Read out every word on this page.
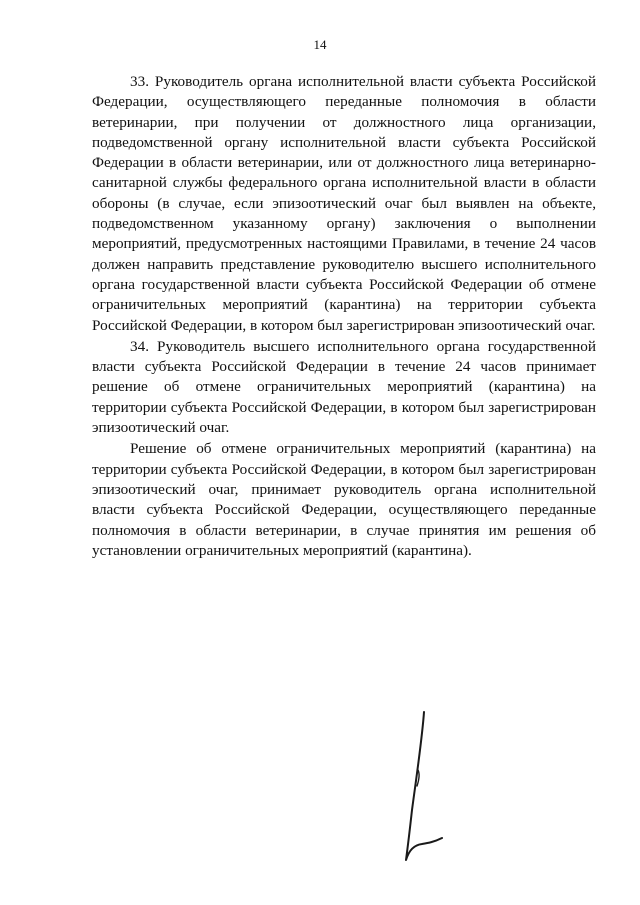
14

33. Руководитель органа исполнительной власти субъекта Российской Федерации, осуществляющего переданные полномочия в области ветеринарии, при получении от должностного лица организации, подведомственной органу исполнительной власти субъекта Российской Федерации в области ветеринарии, или от должностного лица ветеринарно-санитарной службы федерального органа исполнительной власти в области обороны (в случае, если эпизоотический очаг был выявлен на объекте, подведомственном указанному органу) заключения о выполнении мероприятий, предусмотренных настоящими Правилами, в течение 24 часов должен направить представление руководителю высшего исполнительного органа государственной власти субъекта Российской Федерации об отмене ограничительных мероприятий (карантина) на территории субъекта Российской Федерации, в котором был зарегистрирован эпизоотический очаг.

34. Руководитель высшего исполнительного органа государственной власти субъекта Российской Федерации в течение 24 часов принимает решение об отмене ограничительных мероприятий (карантина) на территории субъекта Российской Федерации, в котором был зарегистрирован эпизоотический очаг.

Решение об отмене ограничительных мероприятий (карантина) на территории субъекта Российской Федерации, в котором был зарегистрирован эпизоотический очаг, принимает руководитель органа исполнительной власти субъекта Российской Федерации, осуществляющего переданные полномочия в области ветеринарии, в случае принятия им решения об установлении ограничительных мероприятий (карантина).
